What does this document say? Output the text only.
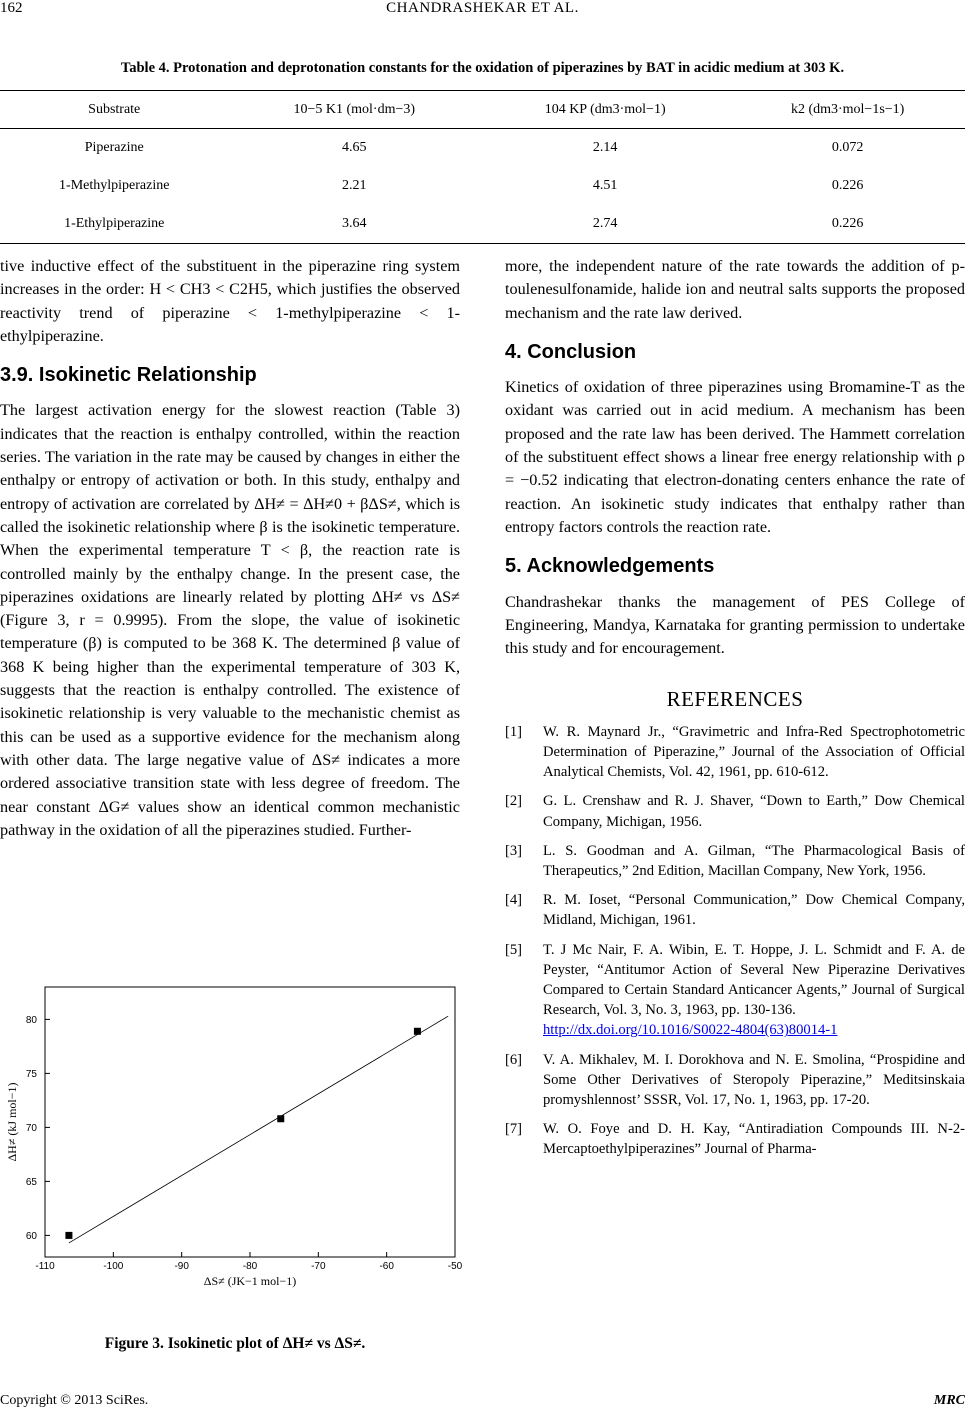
CHANDRASHEKAR ET AL.
162
Table 4. Protonation and deprotonation constants for the oxidation of piperazines by BAT in acidic medium at 303 K.
Substrate	10−5 K1 (mol·dm−3)	104 KP (dm3·mol−1)	k2 (dm3·mol−1s−1)
Piperazine	4.65	2.14	0.072
1-Methylpiperazine	2.21	4.51	0.226
1-Ethylpiperazine	3.64	2.74	0.226

tive inductive effect of the substituent in the piperazine ring system increases in the order: H < CH3 < C2H5, which justifies the observed reactivity trend of piperazine < 1-methylpiperazine < 1-ethylpiperazine.

3.9. Isokinetic Relationship

The largest activation energy for the slowest reaction (Table 3) indicates that the reaction is enthalpy controlled, within the reaction series. The variation in the rate may be caused by changes in either the enthalpy or entropy of activation or both. In this study, enthalpy and entropy of activation are correlated by ΔH≠ = ΔH≠0 + βΔS≠, which is called the isokinetic relationship where β is the isokinetic temperature. When the experimental temperature T < β, the reaction rate is controlled mainly by the enthalpy change. In the present case, the piperazines oxidations are linearly related by plotting ΔH≠ vs ΔS≠ (Figure 3, r = 0.9995). From the slope, the value of isokinetic temperature (β) is computed to be 368 K. The determined β value of 368 K being higher than the experimental temperature of 303 K, suggests that the reaction is enthalpy controlled. The existence of isokinetic relationship is very valuable to the mechanistic chemist as this can be used as a supportive evidence for the mechanism along with other data. The large negative value of ΔS≠ indicates a more ordered associative transition state with less degree of freedom. The near constant ΔG≠ values show an identical common mechanistic pathway in the oxidation of all the piperazines studied. Further-

more, the independent nature of the rate towards the addition of p-toulenesulfonamide, halide ion and neutral salts supports the proposed mechanism and the rate law derived.

4. Conclusion

Kinetics of oxidation of three piperazines using Bromamine-T as the oxidant was carried out in acid medium. A mechanism has been proposed and the rate law has been derived. The Hammett correlation of the substituent effect shows a linear free energy relationship with ρ = −0.52 indicating that electron-donating centers enhance the rate of reaction. An isokinetic study indicates that enthalpy rather than entropy factors controls the reaction rate.

5. Acknowledgements

Chandrashekar thanks the management of PES College of Engineering, Mandya, Karnataka for granting permission to undertake this study and for encouragement.

REFERENCES
[1]	W. R. Maynard Jr., “Gravimetric and Infra-Red Spectrophotometric Determination of Piperazine,” Journal of the Association of Official Analytical Chemists, Vol. 42, 1961, pp. 610-612.
[2]	G. L. Crenshaw and R. J. Shaver, “Down to Earth,” Dow Chemical Company, Michigan, 1956.
[3]	L. S. Goodman and A. Gilman, “The Pharmacological Basis of Therapeutics,” 2nd Edition, Macillan Company, New York, 1956.
[4]	R. M. Ioset, “Personal Communication,” Dow Chemical Company, Midland, Michigan, 1961.
[5]	T. J Mc Nair, F. A. Wibin, E. T. Hoppe, J. L. Schmidt and F. A. de Peyster, “Antitumor Action of Several New Piperazine Derivatives Compared to Certain Standard Anticancer Agents,” Journal of Surgical Research, Vol. 3, No. 3, 1963, pp. 130-136.
http://dx.doi.org/10.1016/S0022-4804(63)80014-1
[6]	V. A. Mikhalev, M. I. Dorokhova and N. E. Smolina, “Prospidine and Some Other Derivatives of Steropoly Piperazine,” Meditsinskaia promyshlennost’ SSSR, Vol. 17, No. 1, 1963, pp. 17-20.
[7]	W. O. Foye and D. H. Kay, “Antiradiation Compounds III. N-2-Mercaptoethylpiperazines” Journal of Pharma-
-110	-100	-90	-80	-70	-60	-50
60
65
70
75
80
ΔS≠ (JK−1 mol−1)
ΔH≠ (kJ mol−1)
Figure 3. Isokinetic plot of ΔH≠ vs ΔS≠.
Copyright © 2013 SciRes.	MRC
